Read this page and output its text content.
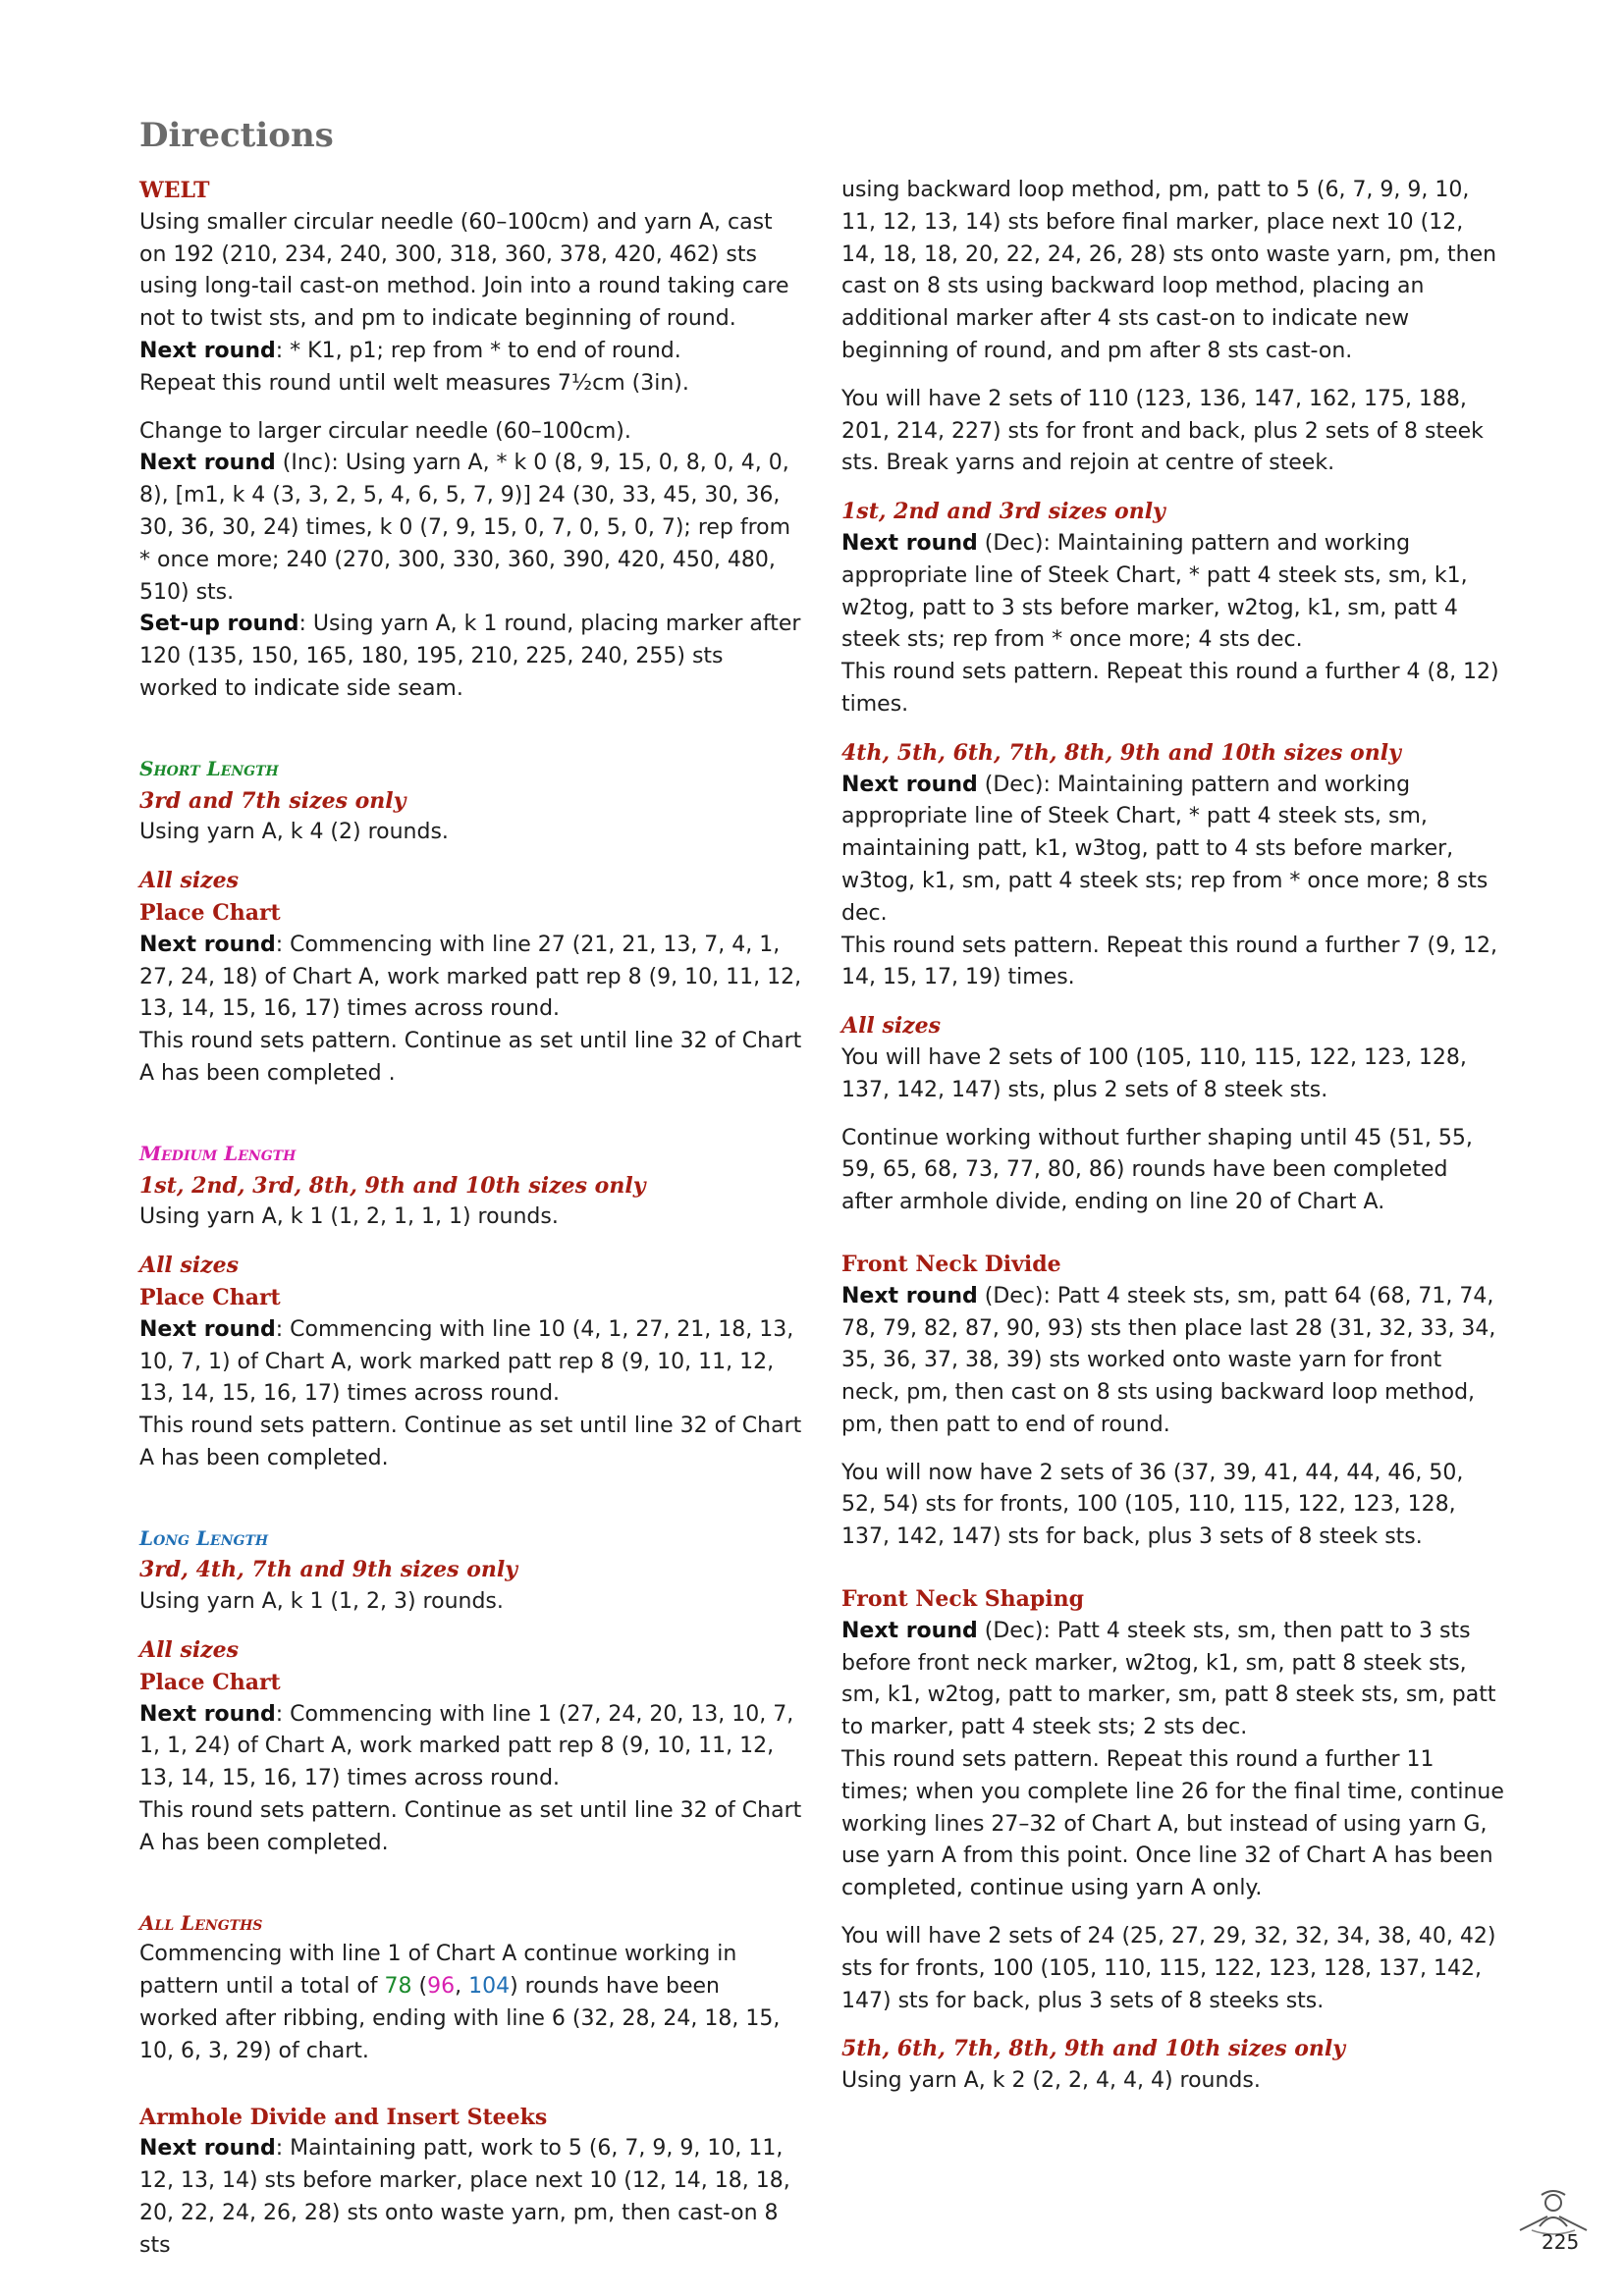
Directions
WELT

Using smaller circular needle (60–100cm) and yarn A, cast on 192 (210, 234, 240, 300, 318, 360, 378, 420, 462) sts using long-tail cast-on method. Join into a round taking care not to twist sts, and pm to indicate beginning of round.
Next round: * K1, p1; rep from * to end of round.
Repeat this round until welt measures 7½cm (3in).

Change to larger circular needle (60–100cm).
Next round (Inc): Using yarn A, * k 0 (8, 9, 15, 0, 8, 0, 4, 0, 8), [m1, k 4 (3, 3, 2, 5, 4, 6, 5, 7, 9)] 24 (30, 33, 45, 30, 36, 30, 36, 30, 24) times, k 0 (7, 9, 15, 0, 7, 0, 5, 0, 7); rep from * once more; 240 (270, 300, 330, 360, 390, 420, 450, 480, 510) sts.
Set-up round: Using yarn A, k 1 round, placing marker after 120 (135, 150, 165, 180, 195, 210, 225, 240, 255) sts worked to indicate side seam.

Short Length
3rd and 7th sizes only

Using yarn A, k 4 (2) rounds.

All sizes
Place Chart

Next round: Commencing with line 27 (21, 21, 13, 7, 4, 1, 27, 24, 18) of Chart A, work marked patt rep 8 (9, 10, 11, 12, 13, 14, 15, 16, 17) times across round.
This round sets pattern. Continue as set until line 32 of Chart A has been completed .

Medium Length
1st, 2nd, 3rd, 8th, 9th and 10th sizes only

Using yarn A, k 1 (1, 2, 1, 1, 1) rounds.

All sizes
Place Chart

Next round: Commencing with line 10 (4, 1, 27, 21, 18, 13, 10, 7, 1) of Chart A, work marked patt rep 8 (9, 10, 11, 12, 13, 14, 15, 16, 17) times across round.
This round sets pattern. Continue as set until line 32 of Chart A has been completed.

Long Length
3rd, 4th, 7th and 9th sizes only

Using yarn A, k 1 (1, 2, 3) rounds.

All sizes
Place Chart

Next round: Commencing with line 1 (27, 24, 20, 13, 10, 7, 1, 1, 24) of Chart A, work marked patt rep 8 (9, 10, 11, 12, 13, 14, 15, 16, 17) times across round.
This round sets pattern. Continue as set until line 32 of Chart A has been completed.

All Lengths

Commencing with line 1 of Chart A continue working in pattern until a total of 78 (96, 104) rounds have been worked after ribbing, ending with line 6 (32, 28, 24, 18, 15, 10, 6, 3, 29) of chart.

Armhole Divide and Insert Steeks

Next round: Maintaining patt, work to 5 (6, 7, 9, 9, 10, 11, 12, 13, 14) sts before marker, place next 10 (12, 14, 18, 18, 20, 22, 24, 26, 28) sts onto waste yarn, pm, then cast-on 8 sts

using backward loop method, pm, patt to 5 (6, 7, 9, 9, 10, 11, 12, 13, 14) sts before final marker, place next 10 (12, 14, 18, 18, 20, 22, 24, 26, 28) sts onto waste yarn, pm, then cast on 8 sts using backward loop method, placing an additional marker after 4 sts cast-on to indicate new beginning of round, and pm after 8 sts cast-on.

You will have 2 sets of 110 (123, 136, 147, 162, 175, 188, 201, 214, 227) sts for front and back, plus 2 sets of 8 steek sts. Break yarns and rejoin at centre of steek.

1st, 2nd and 3rd sizes only

Next round (Dec): Maintaining pattern and working appropriate line of Steek Chart, * patt 4 steek sts, sm, k1, w2tog, patt to 3 sts before marker, w2tog, k1, sm, patt 4 steek sts; rep from * once more; 4 sts dec.
This round sets pattern. Repeat this round a further 4 (8, 12) times.

4th, 5th, 6th, 7th, 8th, 9th and 10th sizes only

Next round (Dec): Maintaining pattern and working appropriate line of Steek Chart, * patt 4 steek sts, sm, maintaining patt, k1, w3tog, patt to 4 sts before marker, w3tog, k1, sm, patt 4 steek sts; rep from * once more; 8 sts dec.
This round sets pattern. Repeat this round a further 7 (9, 12, 14, 15, 17, 19) times.

All sizes

You will have 2 sets of 100 (105, 110, 115, 122, 123, 128, 137, 142, 147) sts, plus 2 sets of 8 steek sts.

Continue working without further shaping until 45 (51, 55, 59, 65, 68, 73, 77, 80, 86) rounds have been completed after armhole divide, ending on line 20 of Chart A.

Front Neck Divide

Next round (Dec): Patt 4 steek sts, sm, patt 64 (68, 71, 74, 78, 79, 82, 87, 90, 93) sts then place last 28 (31, 32, 33, 34, 35, 36, 37, 38, 39) sts worked onto waste yarn for front neck, pm, then cast on 8 sts using backward loop method, pm, then patt to end of round.

You will now have 2 sets of 36 (37, 39, 41, 44, 44, 46, 50, 52, 54) sts for fronts, 100 (105, 110, 115, 122, 123, 128, 137, 142, 147) sts for back, plus 3 sets of 8 steek sts.

Front Neck Shaping

Next round (Dec): Patt 4 steek sts, sm, then patt to 3 sts before front neck marker, w2tog, k1, sm, patt 8 steek sts, sm, k1, w2tog, patt to marker, sm, patt 8 steek sts, sm, patt to marker, patt 4 steek sts; 2 sts dec.
This round sets pattern. Repeat this round a further 11 times; when you complete line 26 for the final time, continue working lines 27–32 of Chart A, but instead of using yarn G, use yarn A from this point. Once line 32 of Chart A has been completed, continue using yarn A only.

You will have 2 sets of 24 (25, 27, 29, 32, 32, 34, 38, 40, 42) sts for fronts, 100 (105, 110, 115, 122, 123, 128, 137, 142, 147) sts for back, plus 3 sets of 8 steeks sts.

5th, 6th, 7th, 8th, 9th and 10th sizes only

Using yarn A, k 2 (2, 2, 4, 4, 4) rounds.

225
